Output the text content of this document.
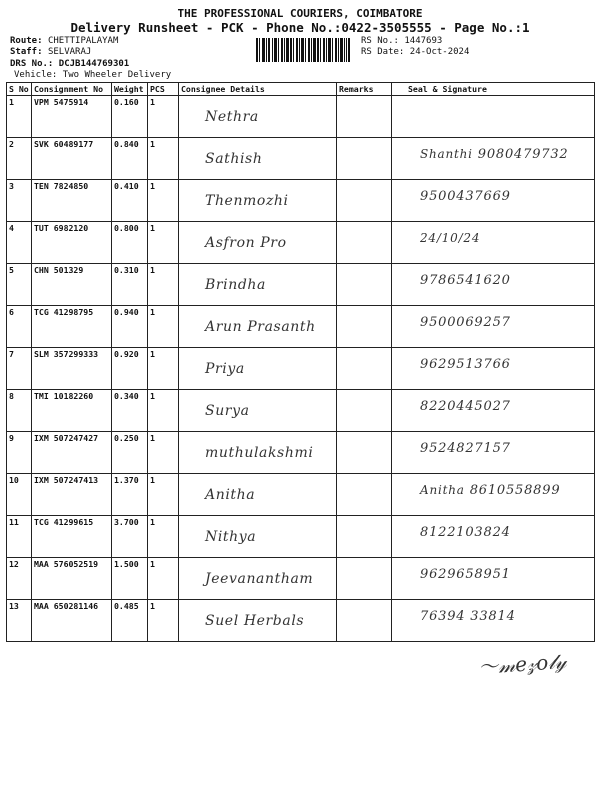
THE PROFESSIONAL COURIERS, COIMBATORE
Delivery Runsheet - PCK - Phone No.:0422-3505555 - Page No.:1
Route: CHETTIPALAYAM
Staff: SELVARAJ
DRS No.: DCJB144769301
Vehicle: Two Wheeler Delivery
RS No.: 1447693
RS Date: 24-Oct-2024
S No	Consignment No	Weight	PCS	Consignee Details	Remarks	Seal & Signature
1	VPM 5475914	0.160	1	Nethra		

2	SVK 60489177	0.840	1	Sathish		Shanthi 9080479732

3	TEN 7824850	0.410	1	Thenmozhi		9500437669

4	TUT 6982120	0.800	1	Asfron Pro		24/10/24

5	CHN 501329	0.310	1	Brindha		9786541620

6	TCG 41298795	0.940	1	Arun Prasanth		9500069257

7	SLM 357299333	0.920	1	Priya		9629513766

8	TMI 10182260	0.340	1	Surya		8220445027

9	IXM 507247427	0.250	1	muthulakshmi		9524827157

10	IXM 507247413	1.370	1	Anitha		Anitha 8610558899

11	TCG 41299615	3.700	1	Nithya		8122103824

12	MAA 576052519	1.500	1	Jeevanantham		9629658951

13	MAA 650281146	0.485	1	Suel Herbals		76394 33814
〜𝓂𝑒𝓏𝑜𝓁𝓎
